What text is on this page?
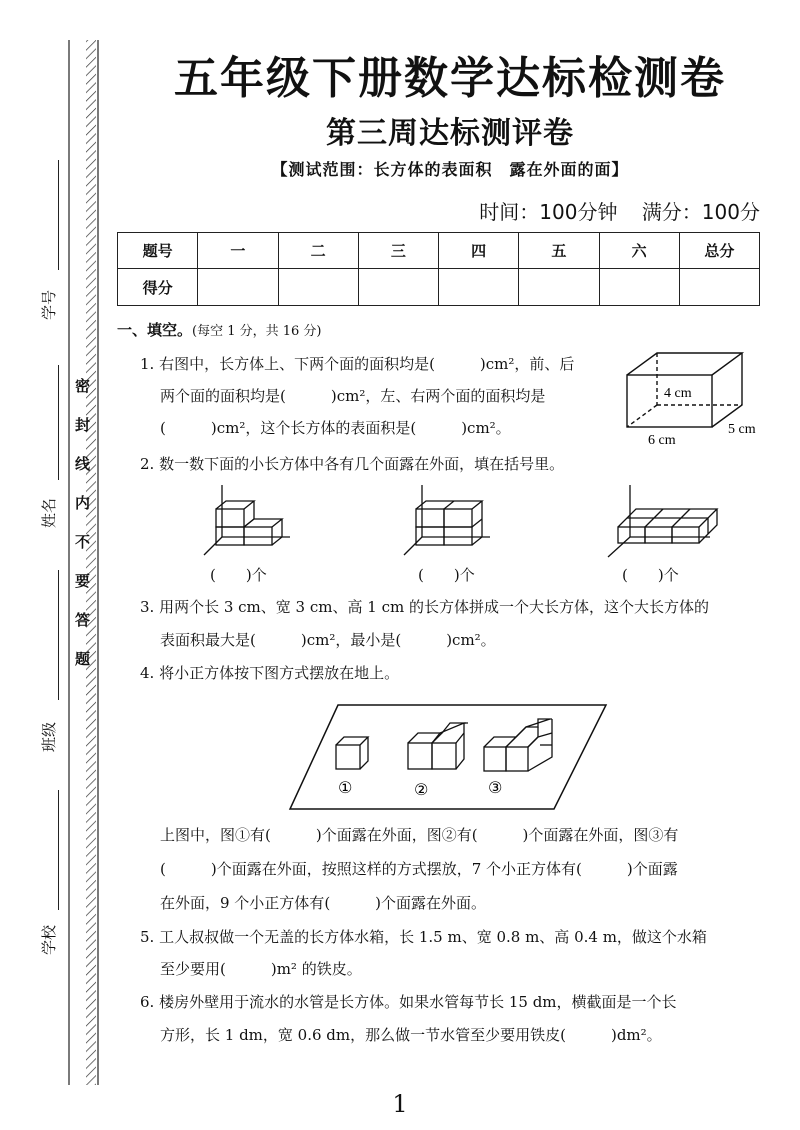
学号
姓名
班级
学校
密封线内不要答题
五年级下册数学达标检测卷
第三周达标测评卷
【测试范围：长方体的表面积　露在外面的面】
时间：100分钟 满分：100分
题号	一	二	三	四	五	六	总分
得分							
一、填空。(每空 1 分，共 16 分)
1. 右图中，长方体上、下两个面的面积均是(　　　)cm²，前、后
两个面的面积均是(　　　)cm²，左、右两个面的面积均是
(　　　)cm²，这个长方体的表面积是(　　　)cm²。
4 cm
6 cm
5 cm
2. 数一数下面的小长方体中各有几个面露在外面，填在括号里。
(　　)个	(　　)个	(　　)个
3. 用两个长 3 cm、宽 3 cm、高 1 cm 的长方体拼成一个大长方体，这个大长方体的
表面积最大是(　　　)cm²，最小是(　　　)cm²。
4. 将小正方体按下图方式摆放在地上。
①	②	③
上图中，图①有(　　　)个面露在外面，图②有(　　　)个面露在外面，图③有
(　　　)个面露在外面，按照这样的方式摆放，7 个小正方体有(　　　)个面露
在外面，9 个小正方体有(　　　)个面露在外面。
5. 工人叔叔做一个无盖的长方体水箱，长 1.5 m、宽 0.8 m、高 0.4 m，做这个水箱
至少要用(　　　)m² 的铁皮。
6. 楼房外壁用于流水的水管是长方体。如果水管每节长 15 dm，横截面是一个长
方形，长 1 dm，宽 0.6 dm，那么做一节水管至少要用铁皮(　　　)dm²。
1
